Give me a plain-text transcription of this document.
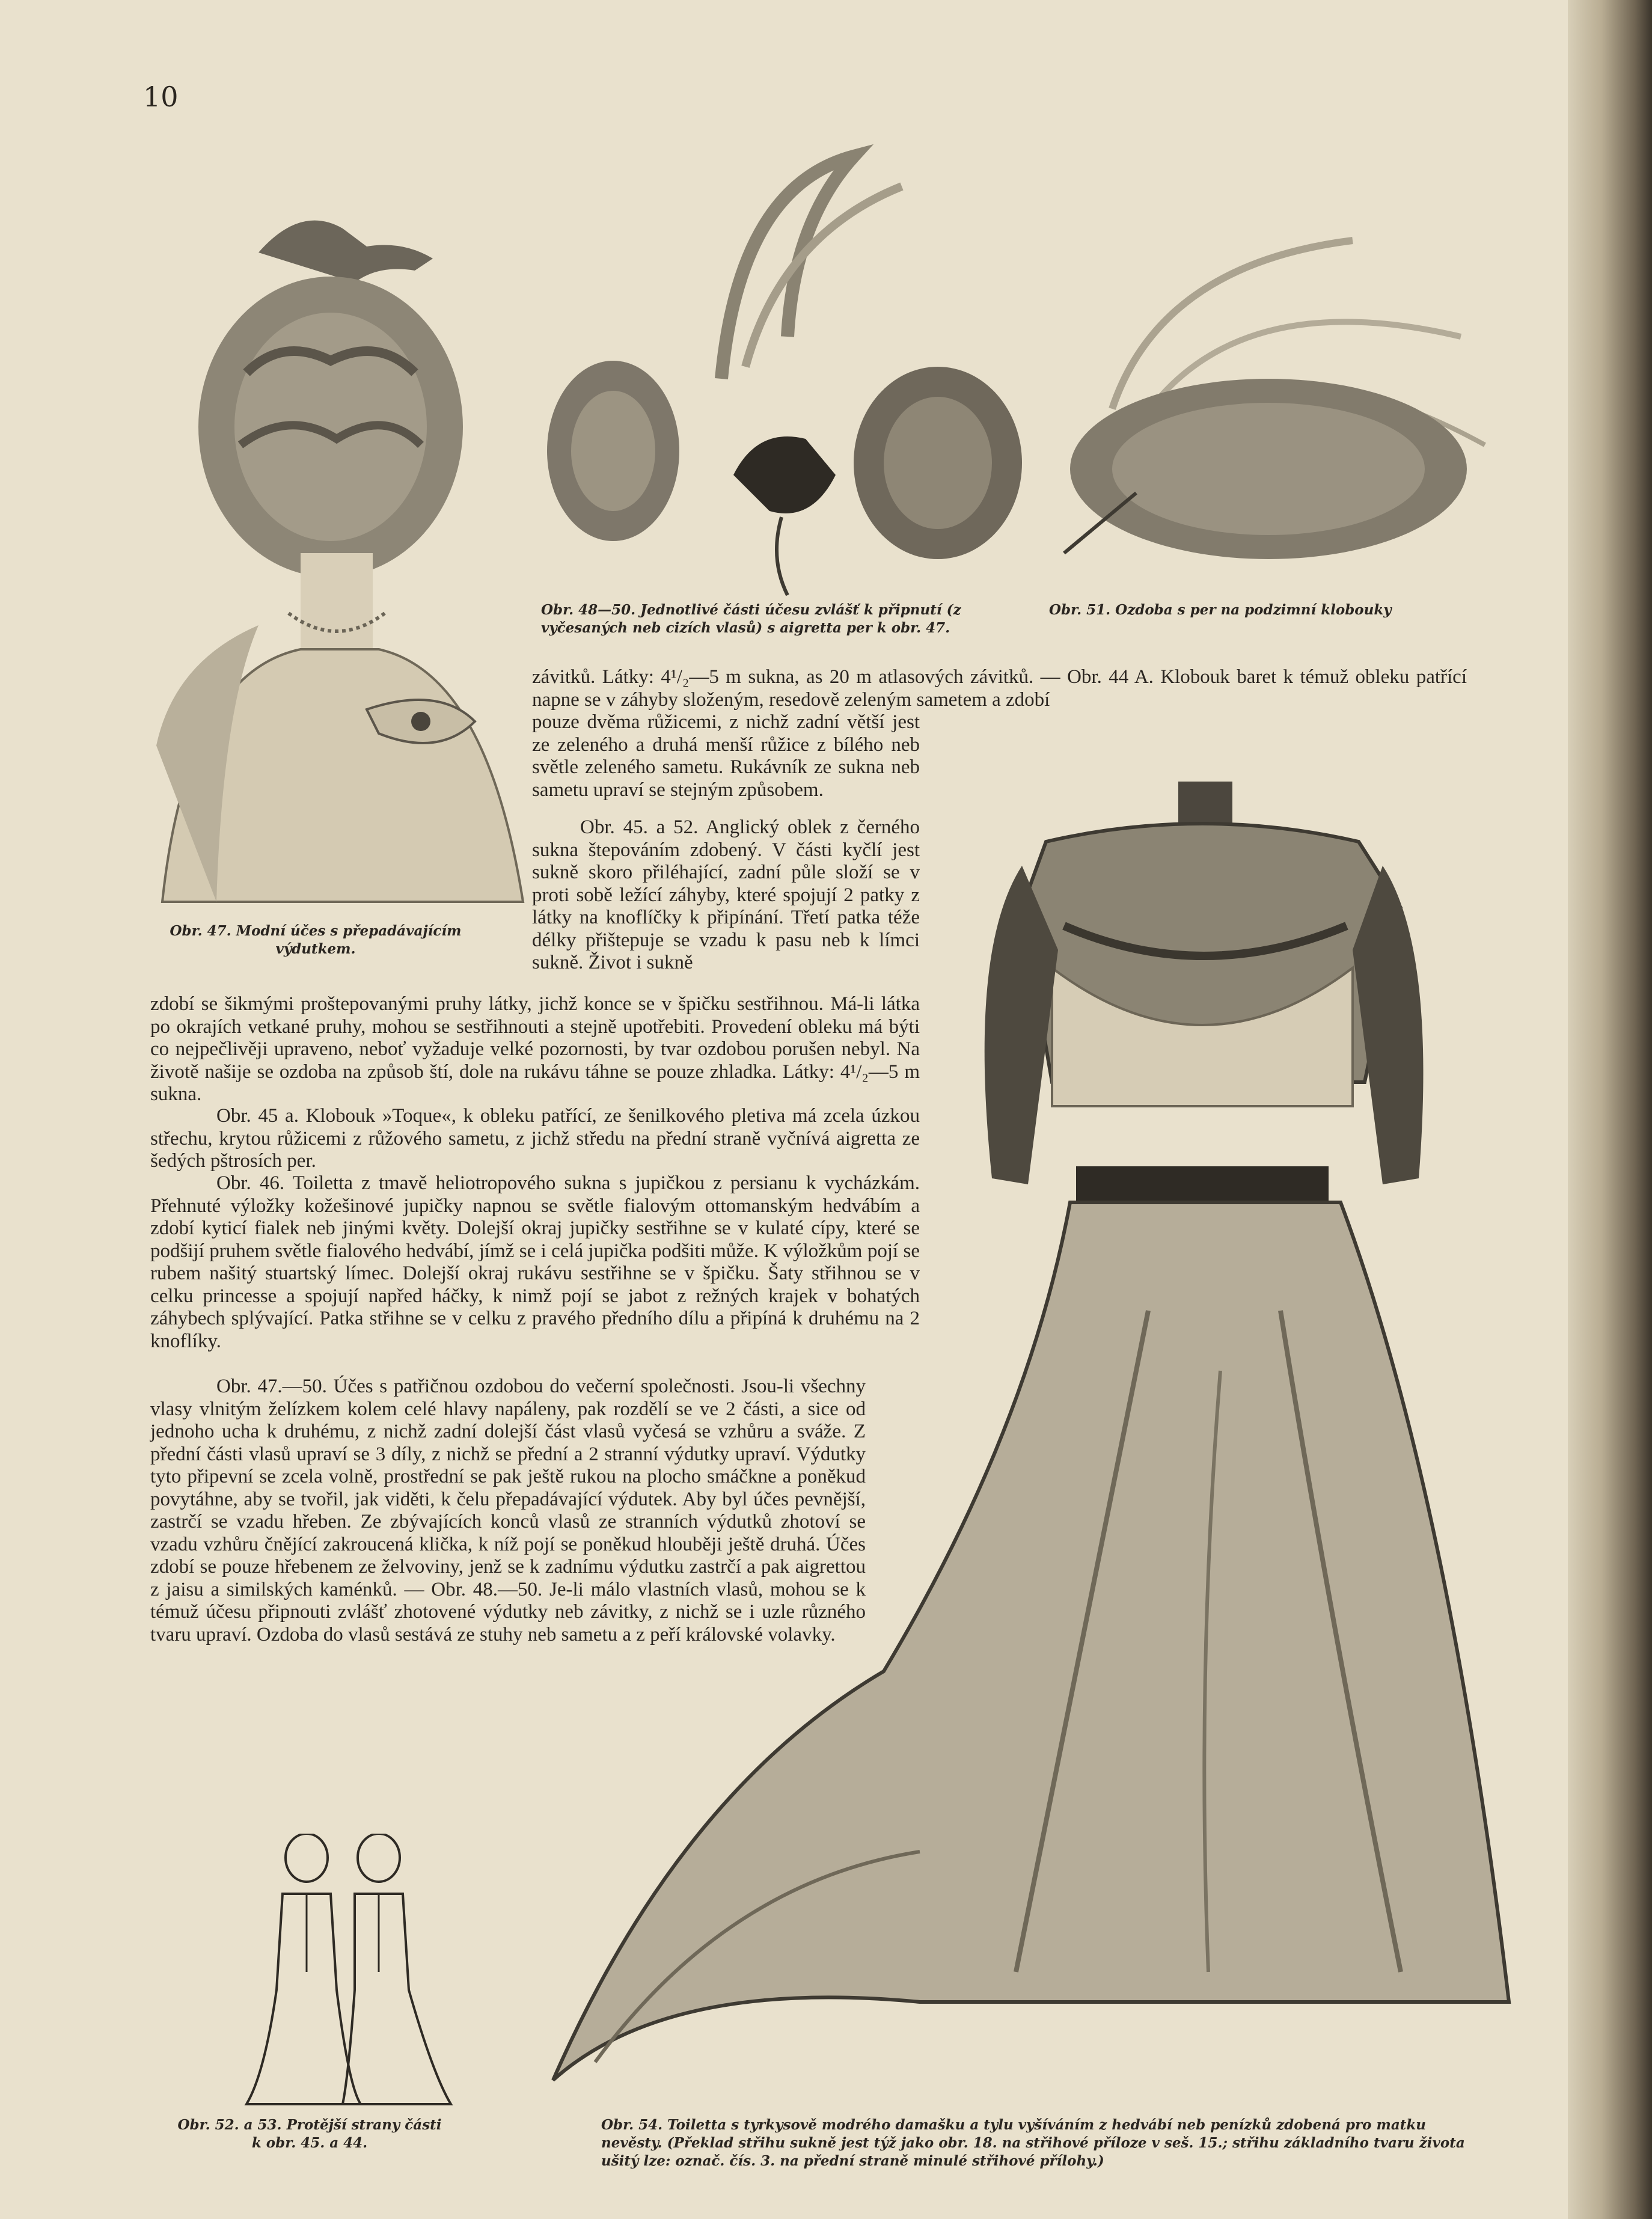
10
Obr. 47. Modní účes s přepadávajícím výdutkem.
Obr. 48—50. Jednotlivé části účesu zvlášť k připnutí (z vyčesaných neb cizích vlasů) s aigretta per k obr. 47.
Obr. 51. Ozdoba s per na podzimní klobouky
závitků. Látky: 4¹/₂—5 m sukna, as 20 m atlasových závitků. — Obr. 44 A. Klobouk baret k témuž obleku patřící napne se v záhyby složeným, resedově zeleným sametem a zdobí
pouze dvěma růžicemi, z nichž zadní větší jest ze zeleného a druhá menší růžice z bílého neb světle zeleného sametu. Rukávník ze sukna neb sametu upraví se stejným způsobem.
Obr. 45. a 52. Anglický oblek z černého sukna štepováním zdobený. V části kyčlí jest sukně skoro přiléhající, zadní půle složí se v proti sobě ležící záhyby, které spojují 2 patky z látky na knoflíčky k připínání. Třetí patka téže délky přištepuje se vzadu k pasu neb k límci sukně. Život i sukně
zdobí se šikmými proštepovanými pruhy látky, jichž konce se v špičku sestřihnou. Má-li látka po okrajích vetkané pruhy, mohou se sestřihnouti a stejně upotřebiti. Provedení obleku má býti co nejpečlivěji upraveno, neboť vyžaduje velké pozornosti, by tvar ozdobou porušen nebyl. Na životě našije se ozdoba na způsob ští, dole na rukávu táhne se pouze zhladka. Látky: 4¹/₂—5 m sukna.
Obr. 45 a. Klobouk »Toque«, k obleku patřící, ze šenilkového pletiva má zcela úzkou střechu, krytou růžicemi z růžového sametu, z jichž středu na přední straně vyčnívá aigretta ze šedých pštrosích per.
Obr. 46. Toiletta z tmavě heliotropového sukna s jupičkou z persianu k vycházkám. Přehnuté výložky kožešinové jupičky napnou se světle fialovým ottomanským hedvábím a zdobí kyticí fialek neb jinými květy. Dolejší okraj jupičky sestřihne se v kulaté cípy, které se podšijí pruhem světle fialového hedvábí, jímž se i celá jupička podšiti může. K výložkům pojí se rubem našitý stuartský límec. Dolejší okraj rukávu sestřihne se v špičku. Šaty střihnou se v celku princesse a spojují napřed háčky, k nimž pojí se jabot z režných krajek v bohatých záhybech splývající. Patka střihne se v celku z pravého předního dílu a připíná k druhému na 2 knoflíky.
Obr. 47.—50. Účes s patřičnou ozdobou do večerní společnosti. Jsou-li všechny vlasy vlnitým želízkem kolem celé hlavy napáleny, pak rozdělí se ve 2 části, a sice od jednoho ucha k druhému, z nichž zadní dolejší část vlasů vyčesá se vzhůru a sváže. Z přední části vlasů upraví se 3 díly, z nichž se přední a 2 stranní výdutky upraví. Výdutky tyto připevní se zcela volně, prostřední se pak ještě rukou na plocho smáčkne a poněkud povytáhne, aby se tvořil, jak viděti, k čelu přepadávající výdutek. Aby byl účes pevnější, zastrčí se vzadu hřeben. Ze zbývajících konců vlasů ze stranních výdutků zhotoví se vzadu vzhůru čnějící zakroucená klička, k níž pojí se poněkud hlouběji ještě druhá. Účes zdobí se pouze hřebenem ze želvoviny, jenž se k zadnímu výdutku zastrčí a pak aigrettou z jaisu a similských kaménků. — Obr. 48.—50. Je-li málo vlastních vlasů, mohou se k témuž účesu připnouti zvlášť zhotovené výdutky neb závitky, z nichž se i uzle různého tvaru upraví. Ozdoba do vlasů sestává ze stuhy neb sametu a z peří královské volavky.
Obr. 54. Toiletta s tyrkysově modrého damašku a tylu vyšíváním z hedvábí neb penízků zdobená pro matku nevěsty. (Překlad střihu sukně jest týž jako obr. 18. na střihové příloze v seš. 15.; střihu základního tvaru života ušitý lze: označ. čís. 3. na přední straně minulé střihové přílohy.)
Obr. 52. a 53. Protější strany části k obr. 45. a 44.
